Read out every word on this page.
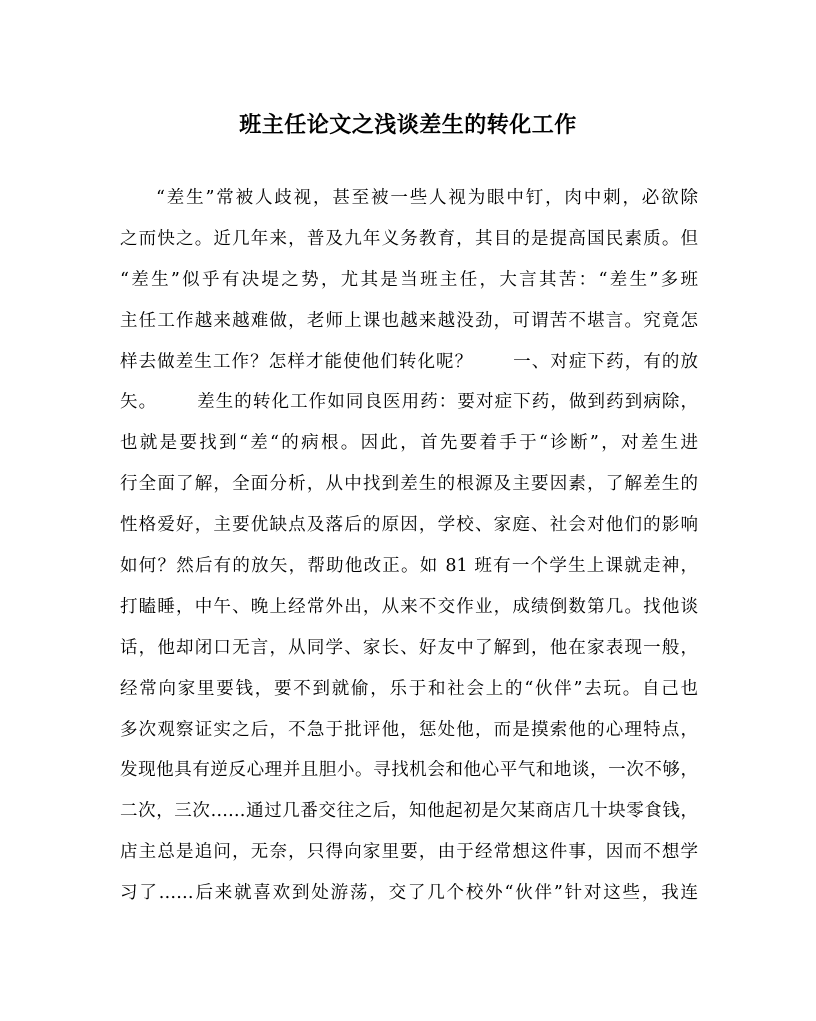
班主任论文之浅谈差生的转化工作
“差生”常被人歧视，甚至被一些人视为眼中钉，肉中刺，必欲除
之而快之。近几年来，普及九年义务教育，其目的是提高国民素质。但
“差生”似乎有决堤之势，尤其是当班主任，大言其苦：“差生”多班
主任工作越来越难做，老师上课也越来越没劲，可谓苦不堪言。究竟怎
样去做差生工作？怎样才能使他们转化呢？      一、对症下药，有的放
矢。      差生的转化工作如同良医用药：要对症下药，做到药到病除，
也就是要找到“差“的病根。因此，首先要着手于“诊断”，对差生进
行全面了解，全面分析，从中找到差生的根源及主要因素，了解差生的
性格爱好，主要优缺点及落后的原因，学校、家庭、社会对他们的影响
如何？然后有的放矢，帮助他改正。如 81 班有一个学生上课就走神，
打瞌睡，中午、晚上经常外出，从来不交作业，成绩倒数第几。找他谈
话，他却闭口无言，从同学、家长、好友中了解到，他在家表现一般，
经常向家里要钱，要不到就偷，乐于和社会上的“伙伴”去玩。自己也
多次观察证实之后，不急于批评他，惩处他，而是摸索他的心理特点，
发现他具有逆反心理并且胆小。寻找机会和他心平气和地谈，一次不够，
二次，三次……通过几番交往之后，知他起初是欠某商店几十块零食钱，
店主总是追问，无奈，只得向家里要，由于经常想这件事，因而不想学
习了……后来就喜欢到处游荡，交了几个校外“伙伴”针对这些，我连
